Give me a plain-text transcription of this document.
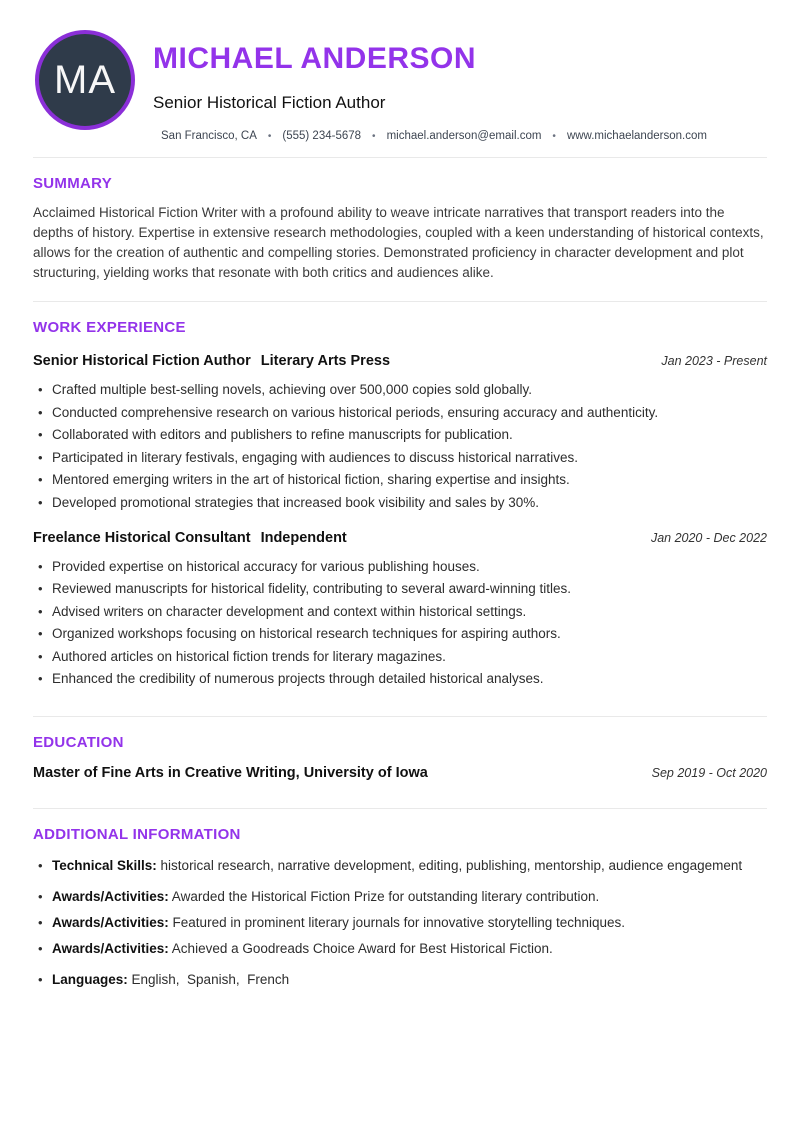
MA MICHAEL ANDERSON
Senior Historical Fiction Author
San Francisco, CA • (555) 234-5678 • michael.anderson@email.com • www.michaelanderson.com
SUMMARY
Acclaimed Historical Fiction Writer with a profound ability to weave intricate narratives that transport readers into the depths of history. Expertise in extensive research methodologies, coupled with a keen understanding of historical contexts, allows for the creation of authentic and compelling stories. Demonstrated proficiency in character development and plot structuring, yielding works that resonate with both critics and audiences alike.
WORK EXPERIENCE
Senior Historical Fiction Author Literary Arts Press	Jan 2023 - Present
• Crafted multiple best-selling novels, achieving over 500,000 copies sold globally.
• Conducted comprehensive research on various historical periods, ensuring accuracy and authenticity.
• Collaborated with editors and publishers to refine manuscripts for publication.
• Participated in literary festivals, engaging with audiences to discuss historical narratives.
• Mentored emerging writers in the art of historical fiction, sharing expertise and insights.
• Developed promotional strategies that increased book visibility and sales by 30%.
Freelance Historical Consultant Independent	Jan 2020 - Dec 2022
• Provided expertise on historical accuracy for various publishing houses.
• Reviewed manuscripts for historical fidelity, contributing to several award-winning titles.
• Advised writers on character development and context within historical settings.
• Organized workshops focusing on historical research techniques for aspiring authors.
• Authored articles on historical fiction trends for literary magazines.
• Enhanced the credibility of numerous projects through detailed historical analyses.
EDUCATION
Master of Fine Arts in Creative Writing, University of Iowa	Sep 2019 - Oct 2020
ADDITIONAL INFORMATION
• Technical Skills: historical research, narrative development, editing, publishing, mentorship, audience engagement
• Awards/Activities: Awarded the Historical Fiction Prize for outstanding literary contribution.
• Awards/Activities: Featured in prominent literary journals for innovative storytelling techniques.
• Awards/Activities: Achieved a Goodreads Choice Award for Best Historical Fiction.
• Languages: English,  Spanish,  French
